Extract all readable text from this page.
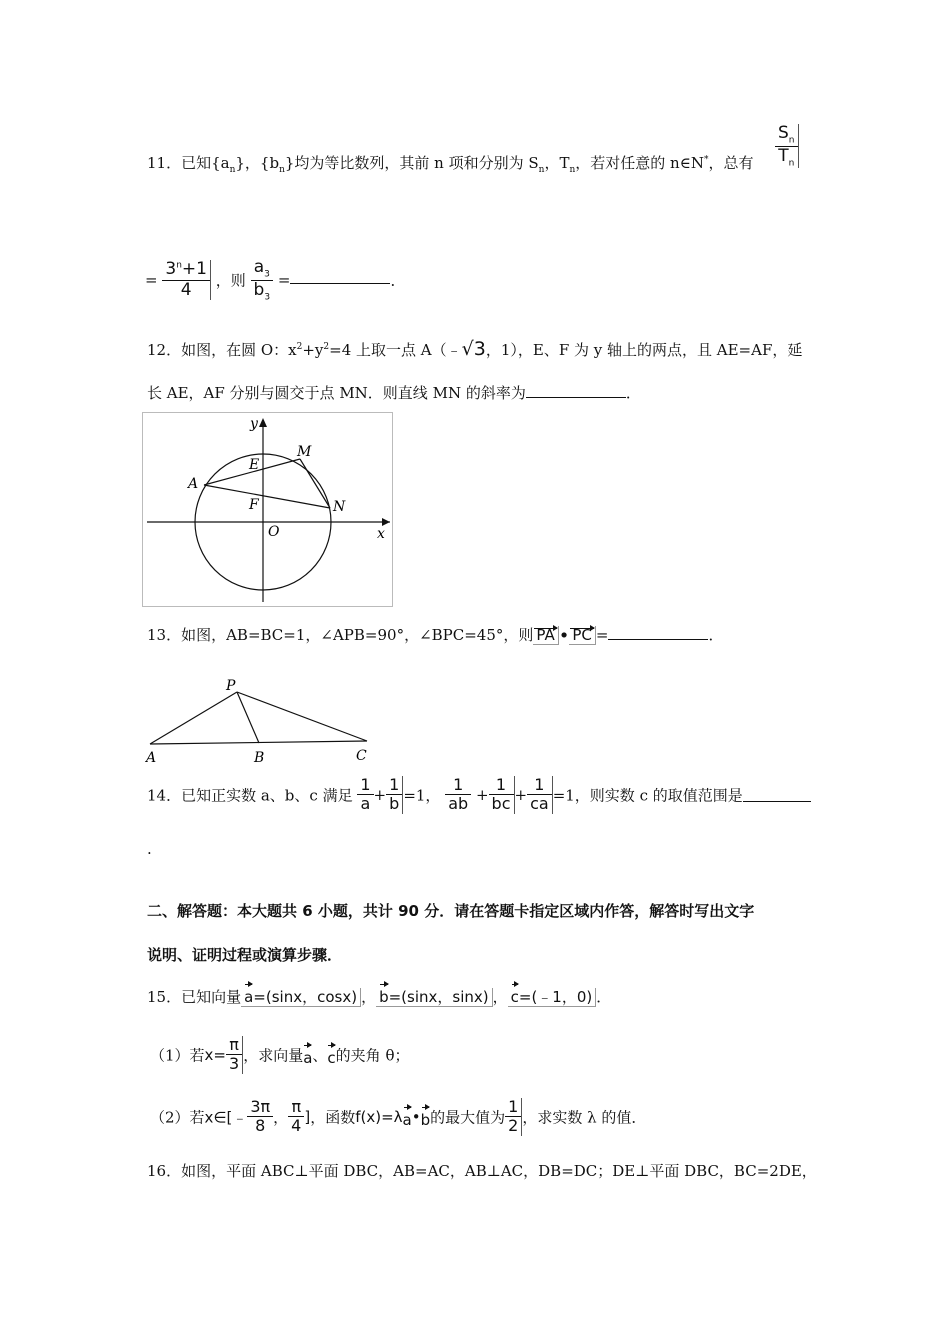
11．已知$\{a_n\}$，$\{b_n\}$均为等比数列，其前 n 项和分别为 $S_n$，$T_n$，若对任意的 n∈N*，总有 $\frac{S_n}{T_n}$
= $\frac{3^n+1}{4}$ ，则 $\frac{a_3}{b_3}$ =	．
12．如图，在圆 O：$x^2+y^2=4$ 上取一点 A（﹣√3，1），E、F 为 y 轴上的两点，且 AE=AF，延
长 AE，AF 分别与圆交于点 MN．则直线 MN 的斜率为	．
y
x
E
M
A
F	N
O
13．如图，AB=BC=1，∠APB=90°，∠BPC=45°，则 PA • PC =	．
P
A	B	C
14．已知正实数 a、b、c 满足 $\frac{1}{a} + \frac{1}{b} =1$， $\frac{1}{ab} + \frac{1}{bc} + \frac{1}{ca} =1$，则实数 c 的取值范围是
.
二、解答题：本大题共 6 小题，共计 90 分．请在答题卡指定区域内作答，解答时写出文字
说明、证明过程或演算步骤．
15．已知向量 a=(sinx，cosx) ， b=(sinx，sinx) ， c=(﹣1，0) ．
（1）若$x= \frac{\pi}{3}$ ，求向量a、c的夹角 θ；
（2）若x∈[﹣ $\frac{3\pi}{8}$ ， $\frac{\pi}{4}$ ]，函数f(x)=λa•b的最大值为 $\frac{1}{2}$ ，求实数 λ 的值．
16．如图，平面 ABC⊥平面 DBC，AB=AC，AB⊥AC，DB=DC；DE⊥平面 DBC，BC=2DE，
